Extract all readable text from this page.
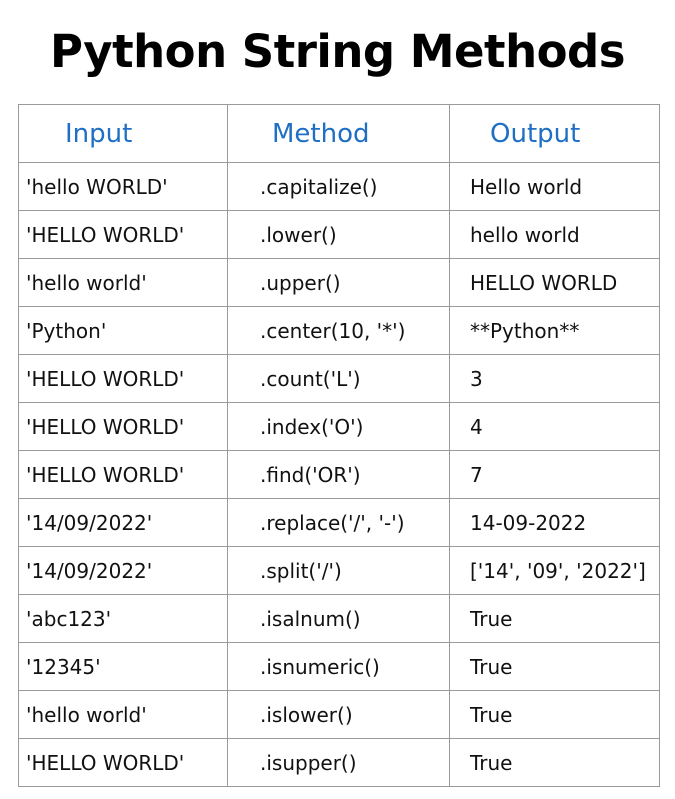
Python String Methods
Input	Method	Output
'hello WORLD'	.capitalize()	Hello world
'HELLO WORLD'	.lower()	hello world
'hello world'	.upper()	HELLO WORLD
'Python'	.center(10, '*')	**Python**
'HELLO WORLD'	.count('L')	3
'HELLO WORLD'	.index('O')	4
'HELLO WORLD'	.find('OR')	7
'14/09/2022'	.replace('/', '-')	14-09-2022
'14/09/2022'	.split('/')	['14', '09', '2022']
'abc123'	.isalnum()	True
'12345'	.isnumeric()	True
'hello world'	.islower()	True
'HELLO WORLD'	.isupper()	True
